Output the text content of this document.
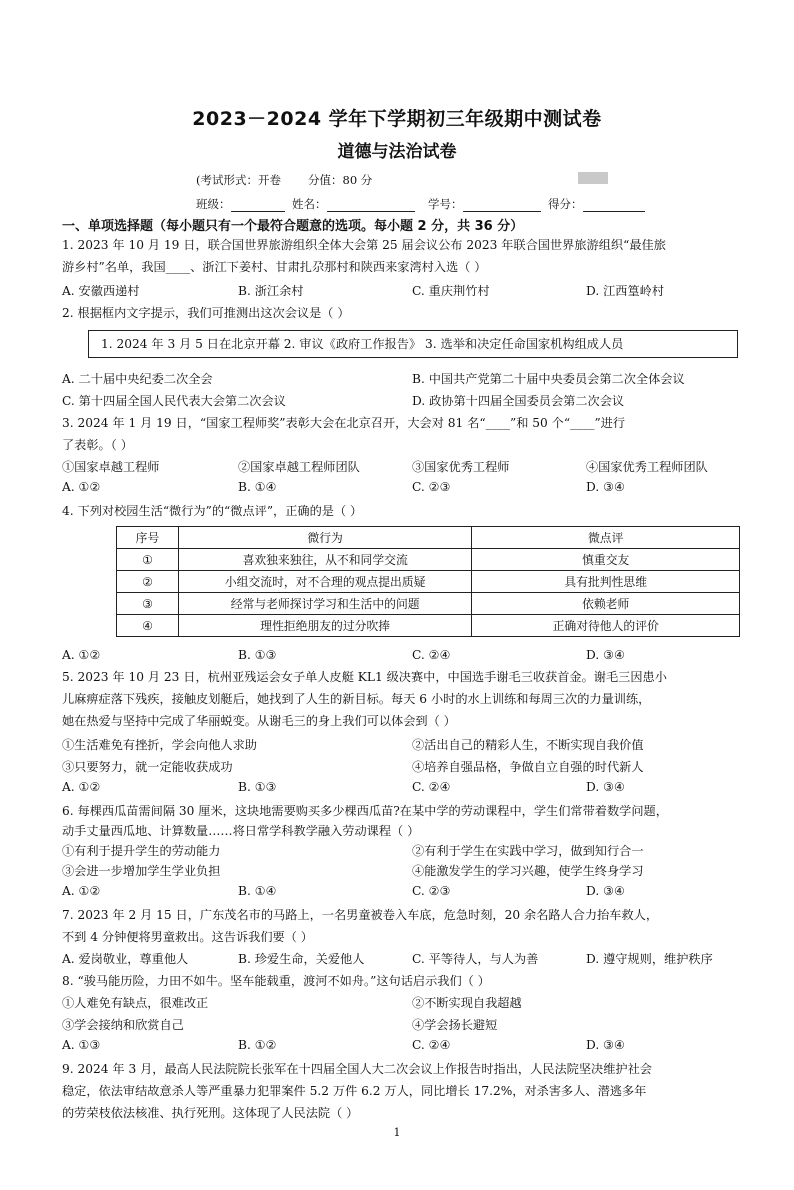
2023－2024 学年下学期初三年级期中测试卷
道德与法治试卷
(考试形式：开卷 分值：80 分
班级：	姓名：	学号：	得分：
一、单项选择题（每小题只有一个最符合题意的选项。每小题 2 分，共 36 分）
1. 2023 年 10 月 19 日，联合国世界旅游组织全体大会第 25 届会议公布 2023 年联合国世界旅游组织“最佳旅
游乡村”名单，我国____、浙江下姜村、甘肃扎尕那村和陕西来家湾村入选（ ）
A. 安徽西递村	B. 浙江余村	C. 重庆荆竹村	D. 江西篁岭村
2. 根据框内文字提示，我们可推测出这次会议是（ ）
1. 2024 年 3 月 5 日在北京开幕 2. 审议《政府工作报告》 3. 选举和决定任命国家机构组成人员
A. 二十届中央纪委二次全会	B. 中国共产党第二十届中央委员会第二次全体会议
C. 第十四届全国人民代表大会第二次会议	D. 政协第十四届全国委员会第二次会议
3. 2024 年 1 月 19 日，“国家工程师奖”表彰大会在北京召开，大会对 81 名“____”和 50 个“____”进行
了表彰。（ ）
①国家卓越工程师	②国家卓越工程师团队	③国家优秀工程师	④国家优秀工程师团队
A. ①②	B. ①④	C. ②③	D. ③④
4. 下列对校园生活“微行为”的“微点评”，正确的是（ ）
序号	微行为	微点评
①	喜欢独来独往，从不和同学交流	慎重交友
②	小组交流时，对不合理的观点提出质疑	具有批判性思维
③	经常与老师探讨学习和生活中的问题	依赖老师
④	理性拒绝朋友的过分吹捧	正确对待他人的评价
A. ①②	B. ①③	C. ②④	D. ③④
5. 2023 年 10 月 23 日，杭州亚残运会女子单人皮艇 KL1 级决赛中，中国选手谢毛三收获首金。谢毛三因患小
儿麻痹症落下残疾，接触皮划艇后，她找到了人生的新目标。每天 6 小时的水上训练和每周三次的力量训练，
她在热爱与坚持中完成了华丽蜕变。从谢毛三的身上我们可以体会到（ ）
①生活难免有挫折，学会向他人求助	②活出自己的精彩人生，不断实现自我价值
③只要努力，就一定能收获成功	④培养自强品格，争做自立自强的时代新人
A. ①②	B. ①③	C. ②④	D. ③④
6. 每棵西瓜苗需间隔 30 厘米，这块地需要购买多少棵西瓜苗?在某中学的劳动课程中，学生们常带着数学问题，
动手丈量西瓜地、计算数量……将日常学科教学融入劳动课程（ ）
①有利于提升学生的劳动能力	②有利于学生在实践中学习，做到知行合一
③会进一步增加学生学业负担	④能激发学生的学习兴趣，使学生终身学习
A. ①②	B. ①④	C. ②③	D. ③④
7. 2023 年 2 月 15 日，广东茂名市的马路上，一名男童被卷入车底，危急时刻，20 余名路人合力抬车救人，
不到 4 分钟便将男童救出。这告诉我们要（ ）
A. 爱岗敬业，尊重他人	B. 珍爱生命，关爱他人	C. 平等待人，与人为善	D. 遵守规则，维护秩序
8. “骏马能历险，力田不如牛。坚车能载重，渡河不如舟。”这句话启示我们（ ）
①人难免有缺点，很难改正	②不断实现自我超越
③学会接纳和欣赏自己	④学会扬长避短
A. ①③	B. ①②	C. ②④	D. ③④
9. 2024 年 3 月，最高人民法院院长张军在十四届全国人大二次会议上作报告时指出，人民法院坚决维护社会
稳定，依法审结故意杀人等严重暴力犯罪案件 5.2 万件 6.2 万人，同比增长 17.2%，对杀害多人、潜逃多年
的劳荣枝依法核准、执行死刑。这体现了人民法院（ ）
1
